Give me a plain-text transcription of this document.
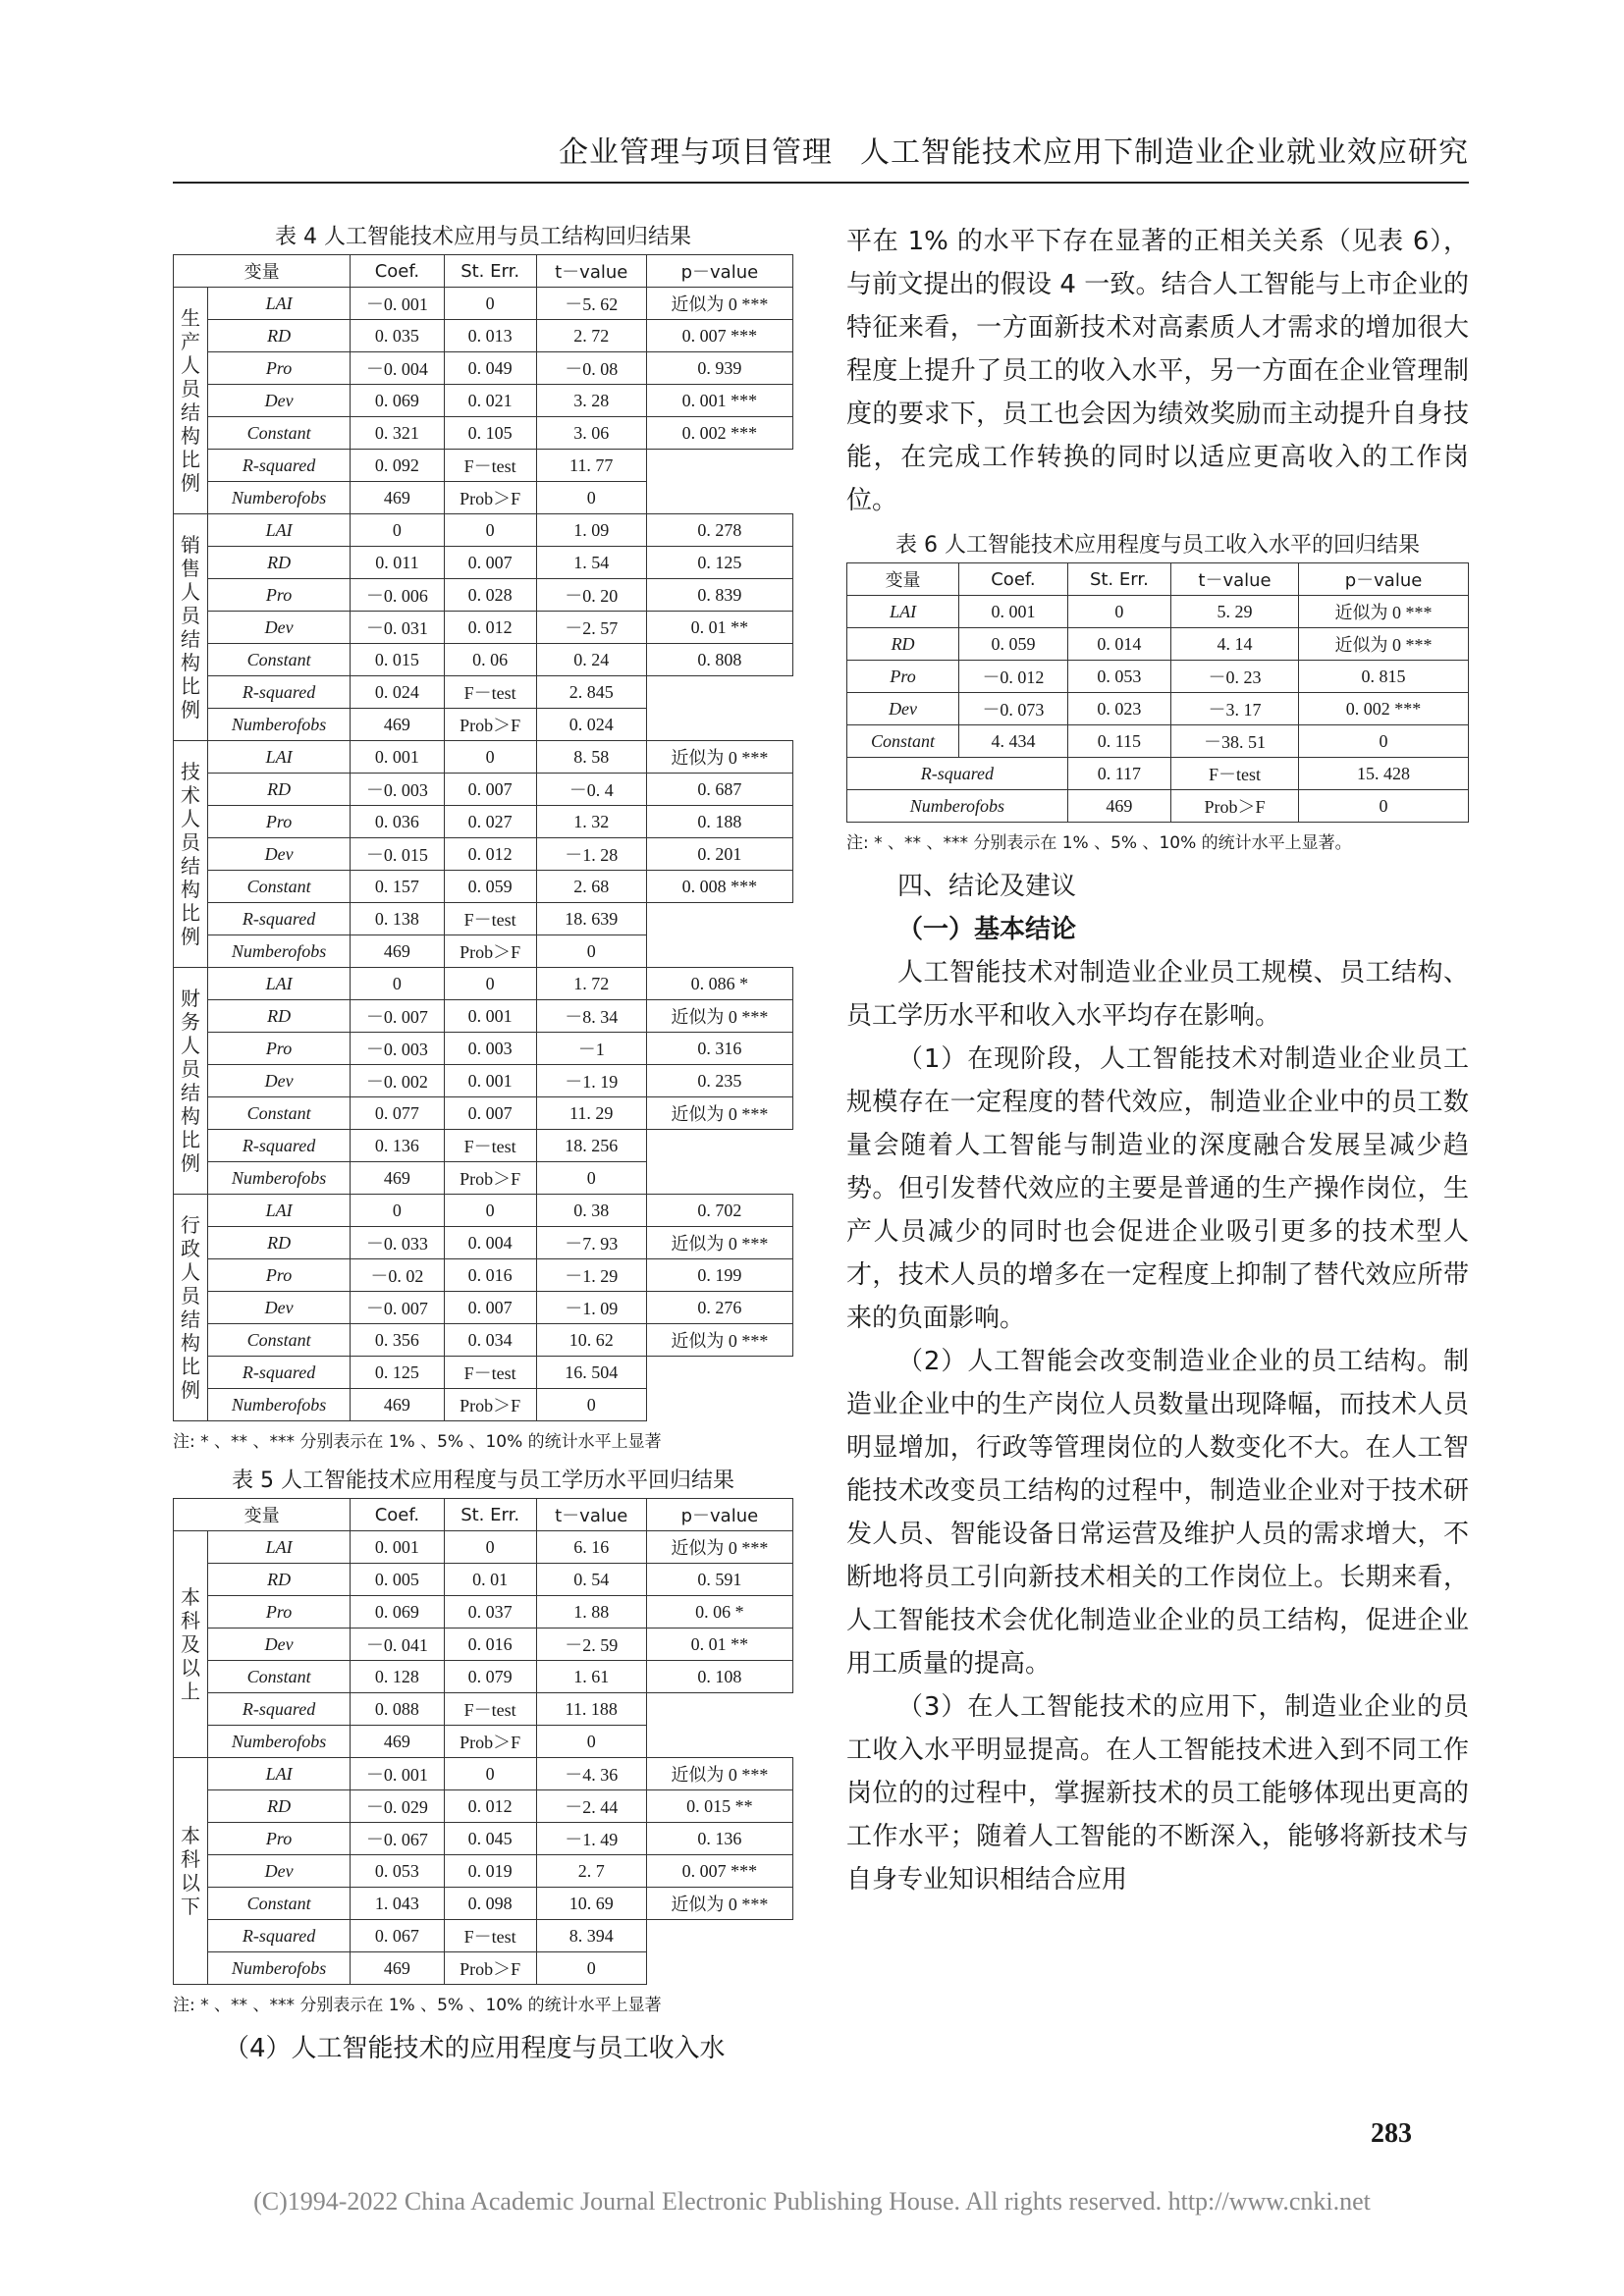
企业管理与项目管理 人工智能技术应用下制造业企业就业效应研究
表 4 人工智能技术应用与员工结构回归结果
变量		Coef.	St. Err.	t－value	p－value
生产人员结构比例	LAI	－0. 001	0	－5. 62	近似为 0 ***
	RD	0. 035	0. 013	2. 72	0. 007 ***
	Pro	－0. 004	0. 049	－0. 08	0. 939
	Dev	0. 069	0. 021	3. 28	0. 001 ***
	Constant	0. 321	0. 105	3. 06	0. 002 ***
	R-squared	0. 092	F－test	11. 77	
	Numberofobs	469	Prob＞F	0	
销售人员结构比例	LAI	0	0	1. 09	0. 278
	RD	0. 011	0. 007	1. 54	0. 125
	Pro	－0. 006	0. 028	－0. 20	0. 839
	Dev	－0. 031	0. 012	－2. 57	0. 01 **
	Constant	0. 015	0. 06	0. 24	0. 808
	R-squared	0. 024	F－test	2. 845	
	Numberofobs	469	Prob＞F	0. 024	
技术人员结构比例	LAI	0. 001	0	8. 58	近似为 0 ***
	RD	－0. 003	0. 007	－0. 4	0. 687
	Pro	0. 036	0. 027	1. 32	0. 188
	Dev	－0. 015	0. 012	－1. 28	0. 201
	Constant	0. 157	0. 059	2. 68	0. 008 ***
	R-squared	0. 138	F－test	18. 639	
	Numberofobs	469	Prob＞F	0	
财务人员结构比例	LAI	0	0	1. 72	0. 086 *
	RD	－0. 007	0. 001	－8. 34	近似为 0 ***
	Pro	－0. 003	0. 003	－1	0. 316
	Dev	－0. 002	0. 001	－1. 19	0. 235
	Constant	0. 077	0. 007	11. 29	近似为 0 ***
	R-squared	0. 136	F－test	18. 256	
	Numberofobs	469	Prob＞F	0	
行政人员结构比例	LAI	0	0	0. 38	0. 702
	RD	－0. 033	0. 004	－7. 93	近似为 0 ***
	Pro	－0. 02	0. 016	－1. 29	0. 199
	Dev	－0. 007	0. 007	－1. 09	0. 276
	Constant	0. 356	0. 034	10. 62	近似为 0 ***
	R-squared	0. 125	F－test	16. 504	
	Numberofobs	469	Prob＞F	0	
注: * 、** 、*** 分别表示在 1% 、5% 、10% 的统计水平上显著
表 5 人工智能技术应用程度与员工学历水平回归结果
变量		Coef.	St. Err.	t－value	p－value
本科及以上	LAI	0. 001	0	6. 16	近似为 0 ***
	RD	0. 005	0. 01	0. 54	0. 591
	Pro	0. 069	0. 037	1. 88	0. 06 *
	Dev	－0. 041	0. 016	－2. 59	0. 01 **
	Constant	0. 128	0. 079	1. 61	0. 108
	R-squared	0. 088	F－test	11. 188	
	Numberofobs	469	Prob＞F	0	
本科以下	LAI	－0. 001	0	－4. 36	近似为 0 ***
	RD	－0. 029	0. 012	－2. 44	0. 015 **
	Pro	－0. 067	0. 045	－1. 49	0. 136
	Dev	0. 053	0. 019	2. 7	0. 007 ***
	Constant	1. 043	0. 098	10. 69	近似为 0 ***
	R-squared	0. 067	F－test	8. 394	
	Numberofobs	469	Prob＞F	0	
注: * 、** 、*** 分别表示在 1% 、5% 、10% 的统计水平上显著

（4）人工智能技术的应用程度与员工收入水

平在 1% 的水平下存在显著的正相关关系（见表 6），与前文提出的假设 4 一致。结合人工智能与上市企业的特征来看，一方面新技术对高素质人才需求的增加很大程度上提升了员工的收入水平，另一方面在企业管理制度的要求下，员工也会因为绩效奖励而主动提升自身技能，在完成工作转换的同时以适应更高收入的工作岗位。

表 6 人工智能技术应用程度与员工收入水平的回归结果
变量	Coef.	St. Err.	t－value	p－value
LAI	0. 001	0	5. 29	近似为 0 ***
RD	0. 059	0. 014	4. 14	近似为 0 ***
Pro	－0. 012	0. 053	－0. 23	0. 815
Dev	－0. 073	0. 023	－3. 17	0. 002 ***
Constant	4. 434	0. 115	－38. 51	0
R-squared		0. 117	F－test	15. 428
Numberofobs		469	Prob＞F	0
注: * 、** 、*** 分别表示在 1% 、5% 、10% 的统计水平上显著。
四、结论及建议
（一）基本结论

人工智能技术对制造业企业员工规模、员工结构、员工学历水平和收入水平均存在影响。

（1）在现阶段，人工智能技术对制造业企业员工规模存在一定程度的替代效应，制造业企业中的员工数量会随着人工智能与制造业的深度融合发展呈减少趋势。但引发替代效应的主要是普通的生产操作岗位，生产人员减少的同时也会促进企业吸引更多的技术型人才，技术人员的增多在一定程度上抑制了替代效应所带来的负面影响。

（2）人工智能会改变制造业企业的员工结构。制造业企业中的生产岗位人员数量出现降幅，而技术人员明显增加，行政等管理岗位的人数变化不大。在人工智能技术改变员工结构的过程中，制造业企业对于技术研发人员、智能设备日常运营及维护人员的需求增大，不断地将员工引向新技术相关的工作岗位上。长期来看，人工智能技术会优化制造业企业的员工结构，促进企业用工质量的提高。

（3）在人工智能技术的应用下，制造业企业的员工收入水平明显提高。在人工智能技术进入到不同工作岗位的的过程中，掌握新技术的员工能够体现出更高的工作水平；随着人工智能的不断深入，能够将新技术与自身专业知识相结合应用

283
(C)1994-2022 China Academic Journal Electronic Publishing House. All rights reserved. http://www.cnki.net
